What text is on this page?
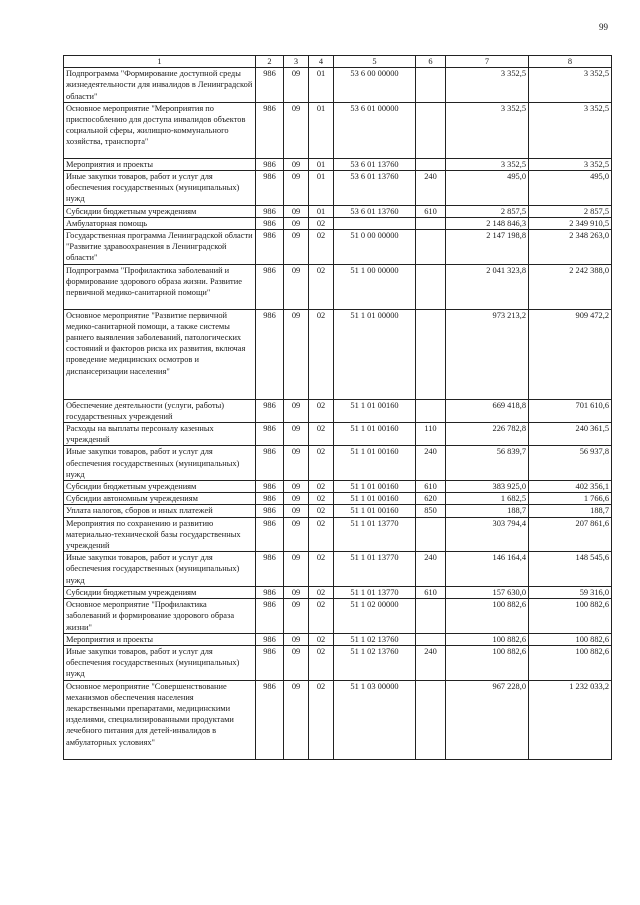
99
1	2	3	4	5	6	7	8
Подпрограмма "Формирование доступной среды жизнедеятельности для инвалидов в Ленинградской области"	986	09	01	53 6 00 00000		3 352,5	3 352,5
Основное мероприятие "Мероприятия по приспособлению для доступа инвалидов объектов социальной сферы, жилищно-коммунального хозяйства, транспорта"	986	09	01	53 6 01 00000		3 352,5	3 352,5
Мероприятия и проекты	986	09	01	53 6 01 13760		3 352,5	3 352,5
Иные закупки товаров, работ и услуг для обеспечения государственных (муниципальных) нужд	986	09	01	53 6 01 13760	240	495,0	495,0
Субсидии бюджетным учреждениям	986	09	01	53 6 01 13760	610	2 857,5	2 857,5
Амбулаторная помощь	986	09	02			2 148 846,3	2 349 910,5
Государственная программа Ленинградской области "Развитие здравоохранения в Ленинградской области"	986	09	02	51 0 00 00000		2 147 198,8	2 348 263,0
Подпрограмма "Профилактика заболеваний и формирование здорового образа жизни. Развитие первичной медико-санитарной помощи"	986	09	02	51 1 00 00000		2 041 323,8	2 242 388,0
Основное мероприятие "Развитие первичной медико-санитарной помощи, а также системы раннего выявления заболеваний, патологических состояний и факторов риска их развития, включая проведение медицинских осмотров и диспансеризации населения"	986	09	02	51 1 01 00000		973 213,2	909 472,2
Обеспечение деятельности (услуги, работы) государственных учреждений	986	09	02	51 1 01 00160		669 418,8	701 610,6
Расходы на выплаты персоналу казенных учреждений	986	09	02	51 1 01 00160	110	226 782,8	240 361,5
Иные закупки товаров, работ и услуг для обеспечения государственных (муниципальных) нужд	986	09	02	51 1 01 00160	240	56 839,7	56 937,8
Субсидии бюджетным учреждениям	986	09	02	51 1 01 00160	610	383 925,0	402 356,1
Субсидии автономным учреждениям	986	09	02	51 1 01 00160	620	1 682,5	1 766,6
Уплата налогов, сборов и иных платежей	986	09	02	51 1 01 00160	850	188,7	188,7
Мероприятия по сохранению и развитию материально-технической базы государственных учреждений	986	09	02	51 1 01 13770		303 794,4	207 861,6
Иные закупки товаров, работ и услуг для обеспечения государственных (муниципальных) нужд	986	09	02	51 1 01 13770	240	146 164,4	148 545,6
Субсидии бюджетным учреждениям	986	09	02	51 1 01 13770	610	157 630,0	59 316,0
Основное мероприятие "Профилактика заболеваний и формирование здорового образа жизни"	986	09	02	51 1 02 00000		100 882,6	100 882,6
Мероприятия и проекты	986	09	02	51 1 02 13760		100 882,6	100 882,6
Иные закупки товаров, работ и услуг для обеспечения государственных (муниципальных) нужд	986	09	02	51 1 02 13760	240	100 882,6	100 882,6
Основное мероприятие "Совершенствование механизмов обеспечения населения лекарственными препаратами, медицинскими изделиями, специализированными продуктами лечебного питания для детей-инвалидов в амбулаторных условиях"	986	09	02	51 1 03 00000		967 228,0	1 232 033,2
